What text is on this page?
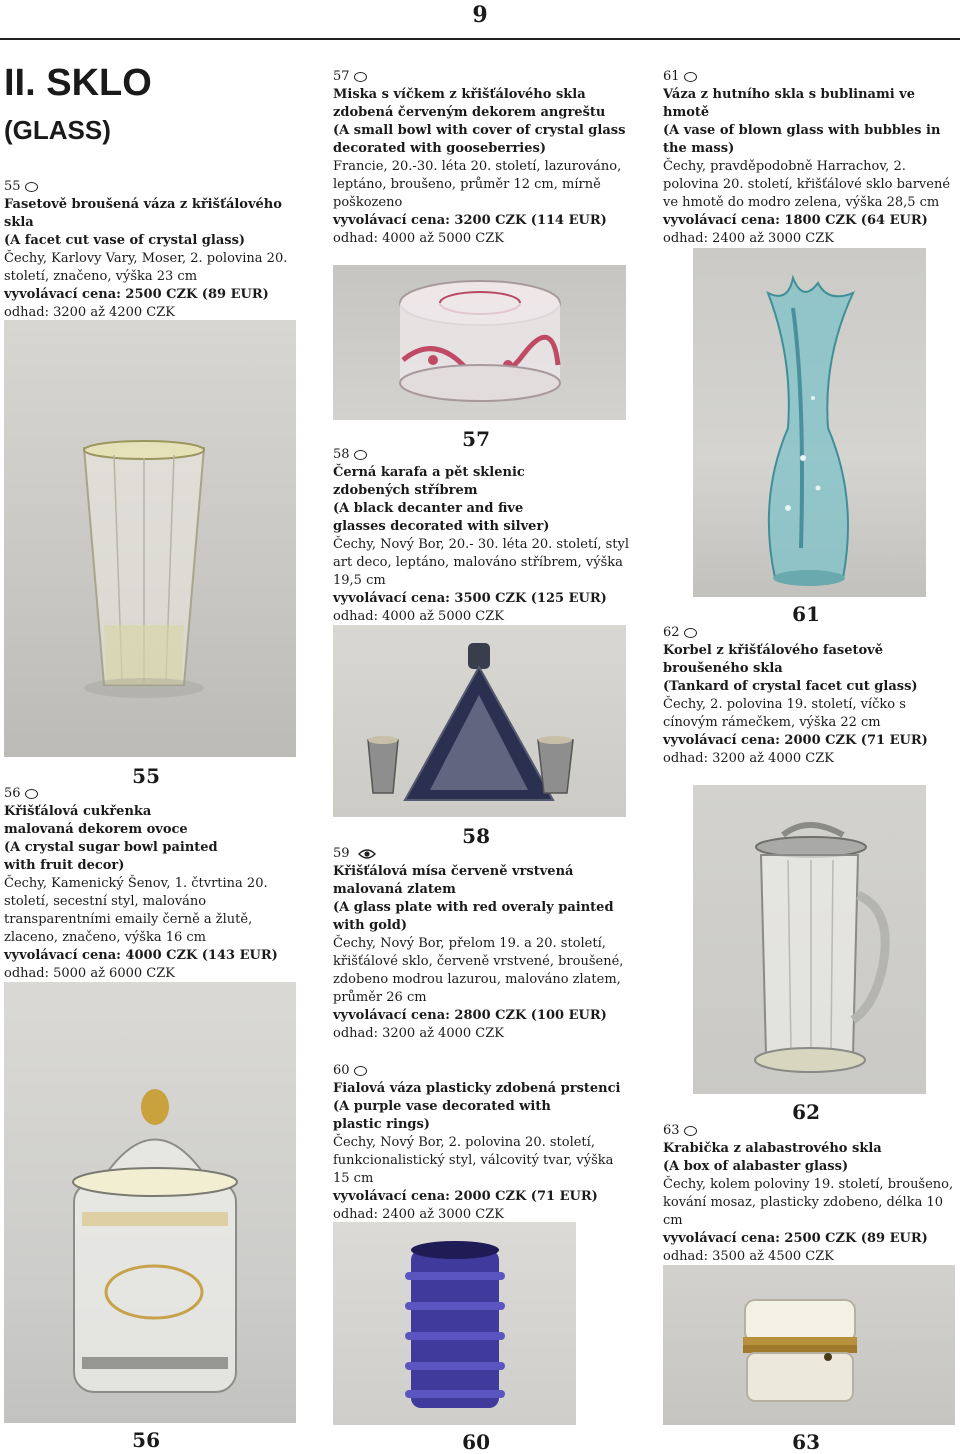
9
II. SKLO
(GLASS)
55
Fasetově broušená váza z křišťálového skla
(A facet cut vase of crystal glass)
Čechy, Karlovy Vary, Moser, 2. polovina 20. století, značeno, výška 23 cm
vyvolávací cena: 2500 CZK (89 EUR)
odhad: 3200 až 4200 CZK
55
56
Křišťálová cukřenka malovaná dekorem ovoce
(A crystal sugar bowl painted with fruit decor)
Čechy, Kamenický Šenov, 1. čtvrtina 20. století, secestní styl, malováno transparentními emaily černě a žlutě, zlaceno, značeno, výška 16 cm
vyvolávací cena: 4000 CZK (143 EUR)
odhad: 5000 až 6000 CZK
56
57
Miska s víčkem z křišťálového skla zdobená červeným dekorem angreštu
(A small bowl with cover of crystal glass decorated with gooseberries)
Francie, 20.-30. léta 20. století, lazurováno, leptáno, broušeno, průměr 12 cm, mírně poškozeno
vyvolávací cena: 3200 CZK (114 EUR)
odhad: 4000 až 5000 CZK
57
58
Černá karafa a pět sklenic zdobených stříbrem
(A black decanter and five glasses decorated with silver)
Čechy, Nový Bor, 20.- 30. léta 20. století, styl art deco, leptáno, malováno stříbrem, výška 19,5 cm
vyvolávací cena: 3500 CZK (125 EUR)
odhad: 4000 až 5000 CZK
58
59
Křišťálová mísa červeně vrstvená malovaná zlatem
(A glass plate with red overaly painted with gold)
Čechy, Nový Bor, přelom 19. a 20. století, křišťálové sklo, červeně vrstvené, broušené, zdobeno modrou lazurou, malováno zlatem, průměr 26 cm
vyvolávací cena: 2800 CZK (100 EUR)
odhad: 3200 až 4000 CZK
60
Fialová váza plasticky zdobená prstenci
(A purple vase decorated with plastic rings)
Čechy, Nový Bor, 2. polovina 20. století, funkcionalistický styl, válcovitý tvar, výška 15 cm
vyvolávací cena: 2000 CZK (71 EUR)
odhad: 2400 až 3000 CZK
60
61
Váza z hutního skla s bublinami ve hmotě
(A vase of blown glass with bubbles in the mass)
Čechy, pravděpodobně Harrachov, 2. polovina 20. století, křišťálové sklo barvené ve hmotě do modro zelena, výška 28,5 cm
vyvolávací cena: 1800 CZK (64 EUR)
odhad: 2400 až 3000 CZK
61
62
Korbel z křišťálového fasetově broušeného skla
(Tankard of crystal facet cut glass)
Čechy, 2. polovina 19. století, víčko s cínovým rámečkem, výška 22 cm
vyvolávací cena: 2000 CZK (71 EUR)
odhad: 3200 až 4000 CZK
62
63
Krabička z alabastrového skla
(A box of alabaster glass)
Čechy, kolem poloviny 19. století, broušeno, kování mosaz, plasticky zdobeno, délka 10 cm
vyvolávací cena: 2500 CZK (89 EUR)
odhad: 3500 až 4500 CZK
63
